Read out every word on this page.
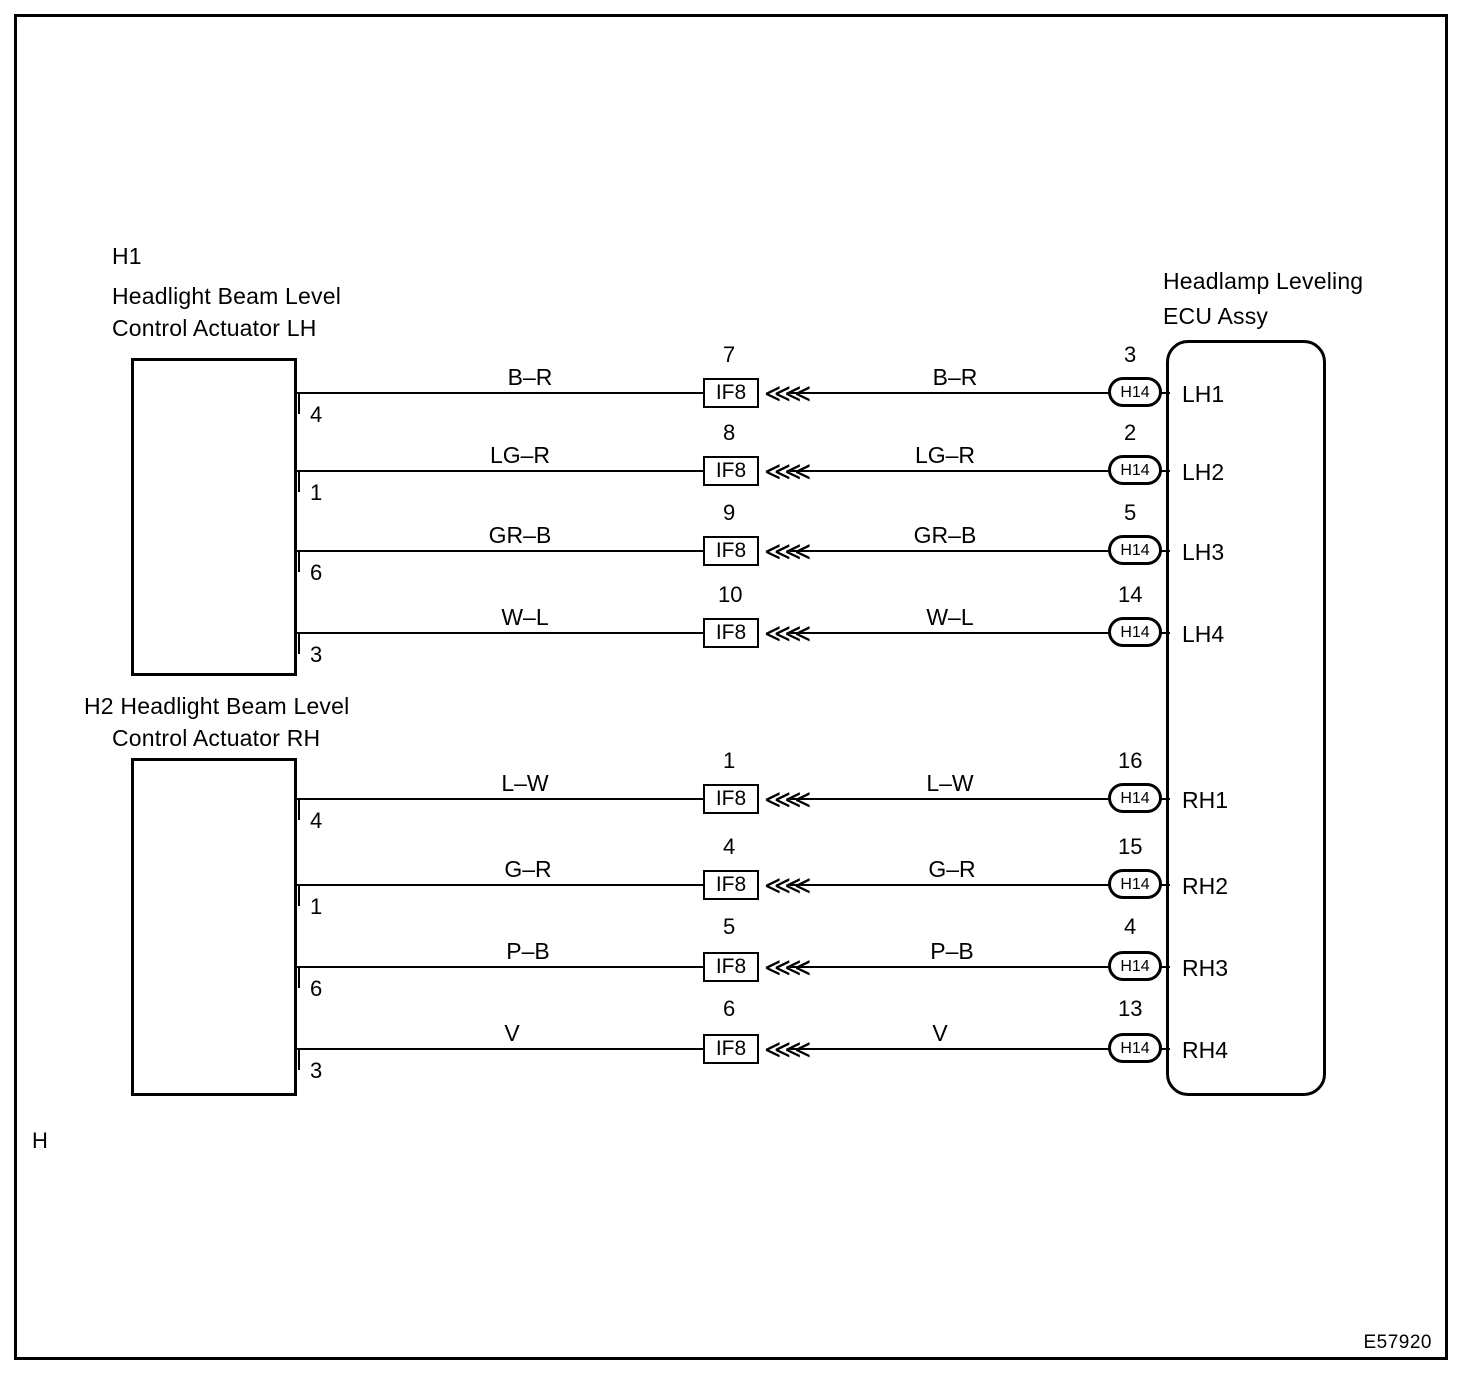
H1
Headlight Beam Level
Control Actuator LH
H2 Headlight Beam Level
Control Actuator RH
Headlamp Leveling
ECU Assy
B–R
4
7
IF8 ≪≪
B–R
3
H14	LH1
LG–R
1
8
IF8 ≪≪
LG–R
2
H14	LH2
GR–B
6
9
IF8 ≪≪
GR–B
5
H14	LH3
W–L
3
10
IF8 ≪≪
W–L
14
H14	LH4
L–W
4
1
IF8 ≪≪
L–W
16
H14	RH1
G–R
1
4
IF8 ≪≪
G–R
15
H14	RH2
P–B
6
5
IF8 ≪≪
P–B
4
H14	RH3
V
3
6
IF8 ≪≪
V
13
H14	RH4
H
E57920
